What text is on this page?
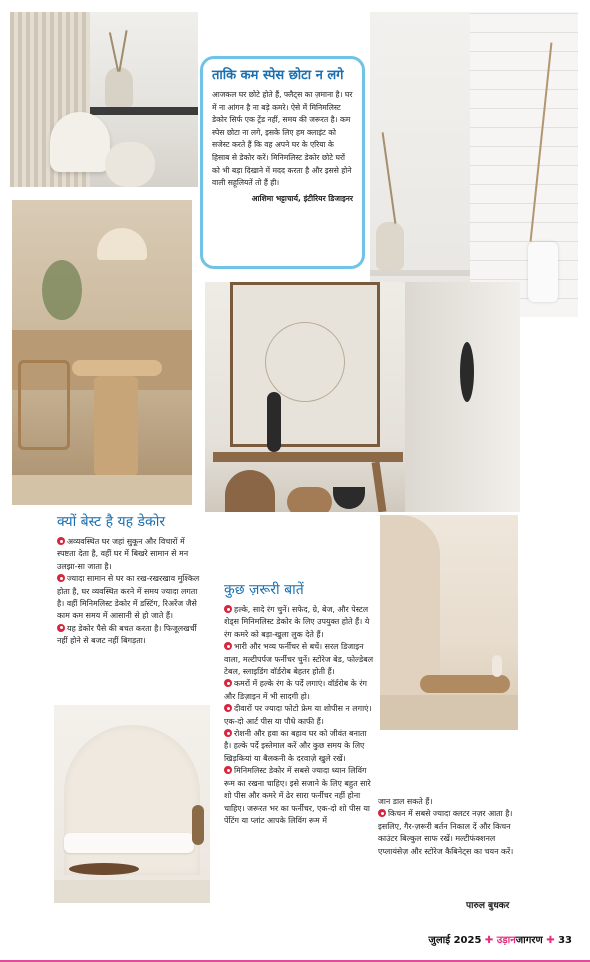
ताकि कम स्पेस छोटा न लगे

आजकल घर छोटे होते हैं, फ्लैट्स का ज़माना है। घर में ना आंगन है ना बड़े कमरे। ऐसे में मिनिमलिस्ट डेकोर सिर्फ एक ट्रेंड नहीं, समय की जरूरत है। कम स्पेस छोटा ना लगे, इसके लिए हम क्लाइंट को सजेस्ट करते हैं कि वह अपने घर के एरिया के हिसाब से डेकोर करें। मिनिमलिस्ट डेकोर छोटे घरों को भी बड़ा दिखाने में मदद करता है और इससे होने वाली सहूलियतें तो हैं ही।

आशिमा भट्टाचार्य, इंटीरियर डिजाइनर
क्यों बेस्ट है यह डेकोर
अव्यवस्थित घर जहां सुकून और विचारों में स्पष्टता देता है, वहीं घर में बिखरे सामान से मन उलझा-सा जाता है।
ज्यादा सामान से घर का रख-रखरखाव मुश्किल होता है, घर व्यवस्थित करने में समय ज्यादा लगता है। वहीं मिनिमलिस्ट डेकोर में डस्टिंग, रिअरेंज जैसे काम कम समय में आसानी से हो जाते हैं।
यह डेकोर पैसे की बचत करता है। फिजूलखर्ची नहीं होने से बजट नहीं बिगड़ता।
कुछ ज़रूरी बातें
हल्के, सादे रंग चुनें। सफेद, ग्रे, बेज, और पेस्टल शेड्स मिनिमलिस्ट डेकोर के लिए उपयुक्त होते हैं। ये रंग कमरे को बड़ा-खुला लुक देते हैं।
भारी और भव्य फर्नीचर से बचें। सरल डिजाइन वाला, मल्टीपर्पज फर्नीचर चुनें। स्टोरेज बेड, फोल्डेबल टेबल, स्लाइडिंग वॉर्डरोब बेहतर होती हैं।
कमरों में हल्के रंग के पर्दे लगाएं। वॉर्डरोब के रंग और डिज़ाइन में भी सादगी हो।
दीवारों पर ज्यादा फोटो फ्रेम या शोपीस न लगाएं। एक-दो आर्ट पीस या पौधे काफी हैं।
रोशनी और हवा का बहाव घर को जीवंत बनाता है। हल्के पर्दे इस्तेमाल करें और कुछ समय के लिए खिड़कियां या बैलकनी के दरवाज़े खुले रखें।
मिनिमलिस्ट डेकोर में सबसे ज्यादा ध्यान लिविंग रूम का रखना चाहिए। इसे सजाने के लिए बहुत सारे शो पीस और कमरे में ढेर सारा फर्नीचर नहीं होना चाहिए। जरूरत भर का फर्नीचर, एक-दो शो पीस या पेंटिंग या प्लांट आपके लिविंग रूम में
जान डाल सकते हैं।
किचन में सबसे ज्यादा क्लटर नज़र आता है। इसलिए, गैर-ज़रूरी बर्तन निकाल दें और किचन काउंटर बिल्कुल साफ रखें। मल्टीफंक्शनल एप्लायंसेज़ और स्टोरेज कैबिनेट्स का चयन करें।
पारुल बुधकर
जुलाई 2025 ✚ उड़ानजागरण ✚ 33
